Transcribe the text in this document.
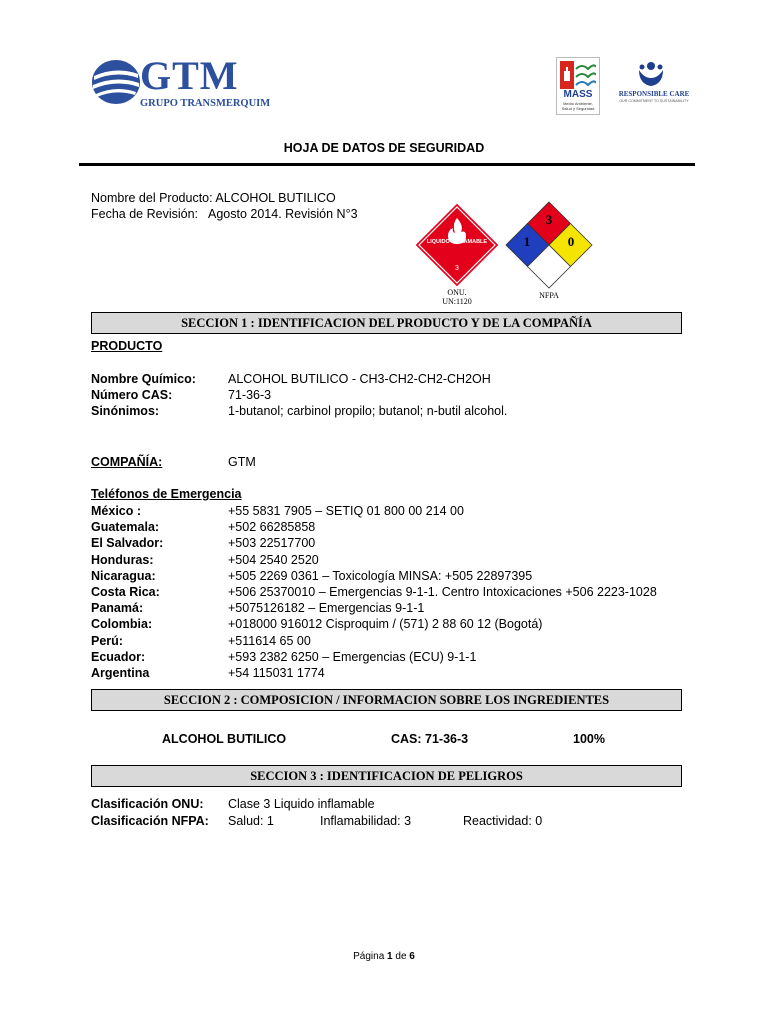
GTM
GRUPO TRANSMERQUIM
MASS
Medio Ambiente,
Salud y Seguridad
RESPONSIBLE CARE
OUR COMMITMENT TO SUSTAINABILITY
HOJA DE DATOS DE SEGURIDAD
Nombre del Producto: ALCOHOL BUTILICO
Fecha de Revisión: Agosto 2014. Revisión N°3
LIQUIDO INFLAMABLE
3
ONU.
UN:1120
3
1	0
NFPA
SECCION 1 : IDENTIFICACION DEL PRODUCTO Y DE LA COMPAÑÍA
PRODUCTO
Nombre Químico:	ALCOHOL BUTILICO - CH3-CH2-CH2-CH2OH
Número CAS:	71-36-3
Sinónimos:	1-butanol; carbinol propilo; butanol; n-butil alcohol.
COMPAÑÍA:	GTM
Teléfonos de Emergencia
México :	+55 5831 7905 – SETIQ 01 800 00 214 00
Guatemala:	+502 66285858
El Salvador:	+503 22517700
Honduras:	+504 2540 2520
Nicaragua:	+505 2269 0361 – Toxicología MINSA: +505 22897395
Costa Rica:	+506 25370010 – Emergencias 9-1-1. Centro Intoxicaciones +506 2223-1028
Panamá:	+5075126182 – Emergencias 9-1-1
Colombia:	+018000 916012 Cisproquim / (571) 2 88 60 12 (Bogotá)
Perú:	+511614 65 00
Ecuador:	+593 2382 6250 – Emergencias (ECU) 9-1-1
Argentina	+54 115031 1774
SECCION 2 : COMPOSICION / INFORMACION SOBRE LOS INGREDIENTES
ALCOHOL BUTILICO	CAS: 71-36-3	100%
SECCION 3 : IDENTIFICACION DE PELIGROS
Clasificación ONU: Clase 3 Liquido inflamable
Clasificación NFPA: Salud: 1	Inflamabilidad: 3	Reactividad: 0
Página 1 de 6
